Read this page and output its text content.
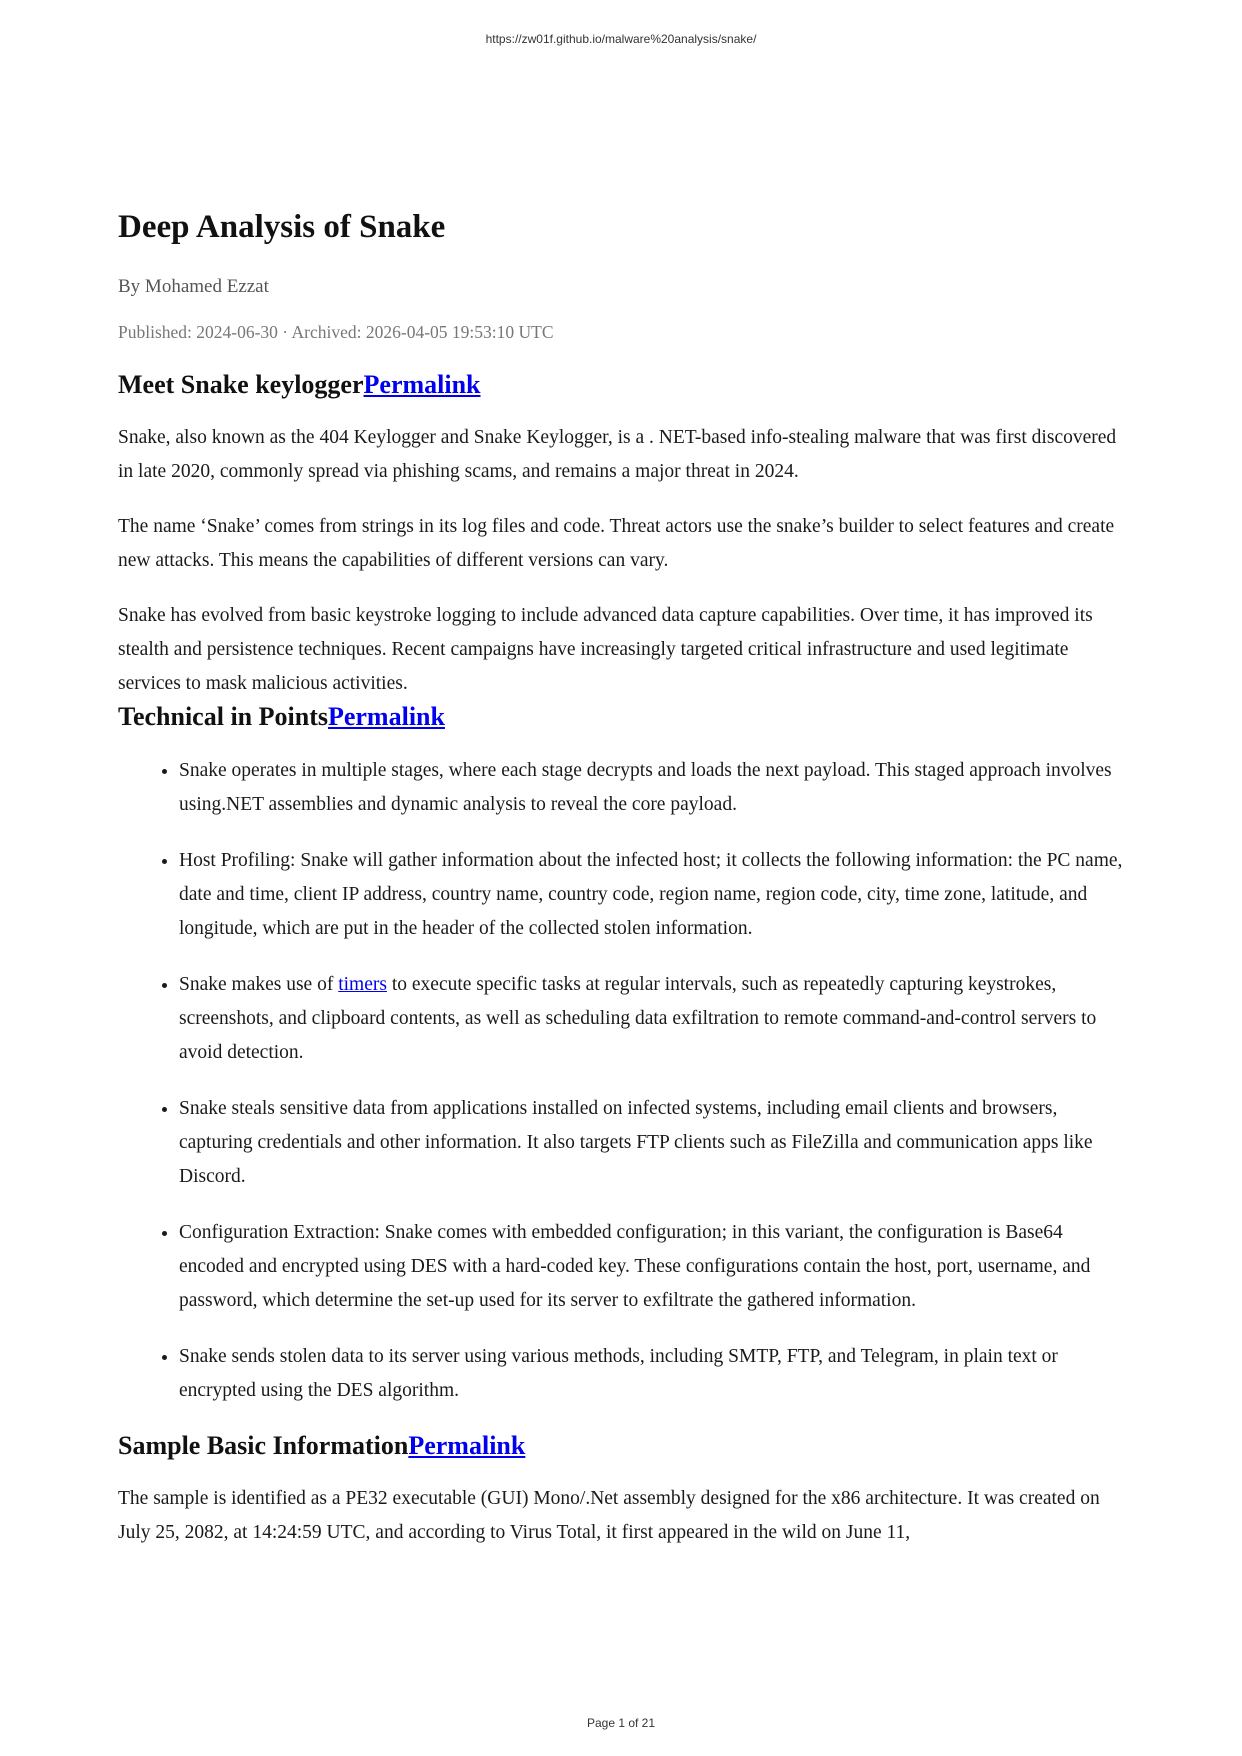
https://zw01f.github.io/malware%20analysis/snake/
Deep Analysis of Snake
By Mohamed Ezzat
Published: 2024-06-30 · Archived: 2026-04-05 19:53:10 UTC
Meet Snake keyloggerPermalink

Snake, also known as the 404 Keylogger and Snake Keylogger, is a . NET-based info-stealing malware that was first discovered in late 2020, commonly spread via phishing scams, and remains a major threat in 2024.

The name ‘Snake’ comes from strings in its log files and code. Threat actors use the snake’s builder to select features and create new attacks. This means the capabilities of different versions can vary.

Snake has evolved from basic keystroke logging to include advanced data capture capabilities. Over time, it has improved its stealth and persistence techniques. Recent campaigns have increasingly targeted critical infrastructure and used legitimate services to mask malicious activities.

Technical in PointsPermalink
• Snake operates in multiple stages, where each stage decrypts and loads the next payload. This staged approach involves using.NET assemblies and dynamic analysis to reveal the core payload.
• Host Profiling: Snake will gather information about the infected host; it collects the following information: the PC name, date and time, client IP address, country name, country code, region name, region code, city, time zone, latitude, and longitude, which are put in the header of the collected stolen information.
• Snake makes use of timers to execute specific tasks at regular intervals, such as repeatedly capturing keystrokes, screenshots, and clipboard contents, as well as scheduling data exfiltration to remote command-and-control servers to avoid detection.
• Snake steals sensitive data from applications installed on infected systems, including email clients and browsers, capturing credentials and other information. It also targets FTP clients such as FileZilla and communication apps like Discord.
• Configuration Extraction: Snake comes with embedded configuration; in this variant, the configuration is Base64 encoded and encrypted using DES with a hard-coded key. These configurations contain the host, port, username, and password, which determine the set-up used for its server to exfiltrate the gathered information.
• Snake sends stolen data to its server using various methods, including SMTP, FTP, and Telegram, in plain text or encrypted using the DES algorithm.
Sample Basic InformationPermalink

The sample is identified as a PE32 executable (GUI) Mono/.Net assembly designed for the x86 architecture. It was created on July 25, 2082, at 14:24:59 UTC, and according to Virus Total, it first appeared in the wild on June 11,

Page 1 of 21
